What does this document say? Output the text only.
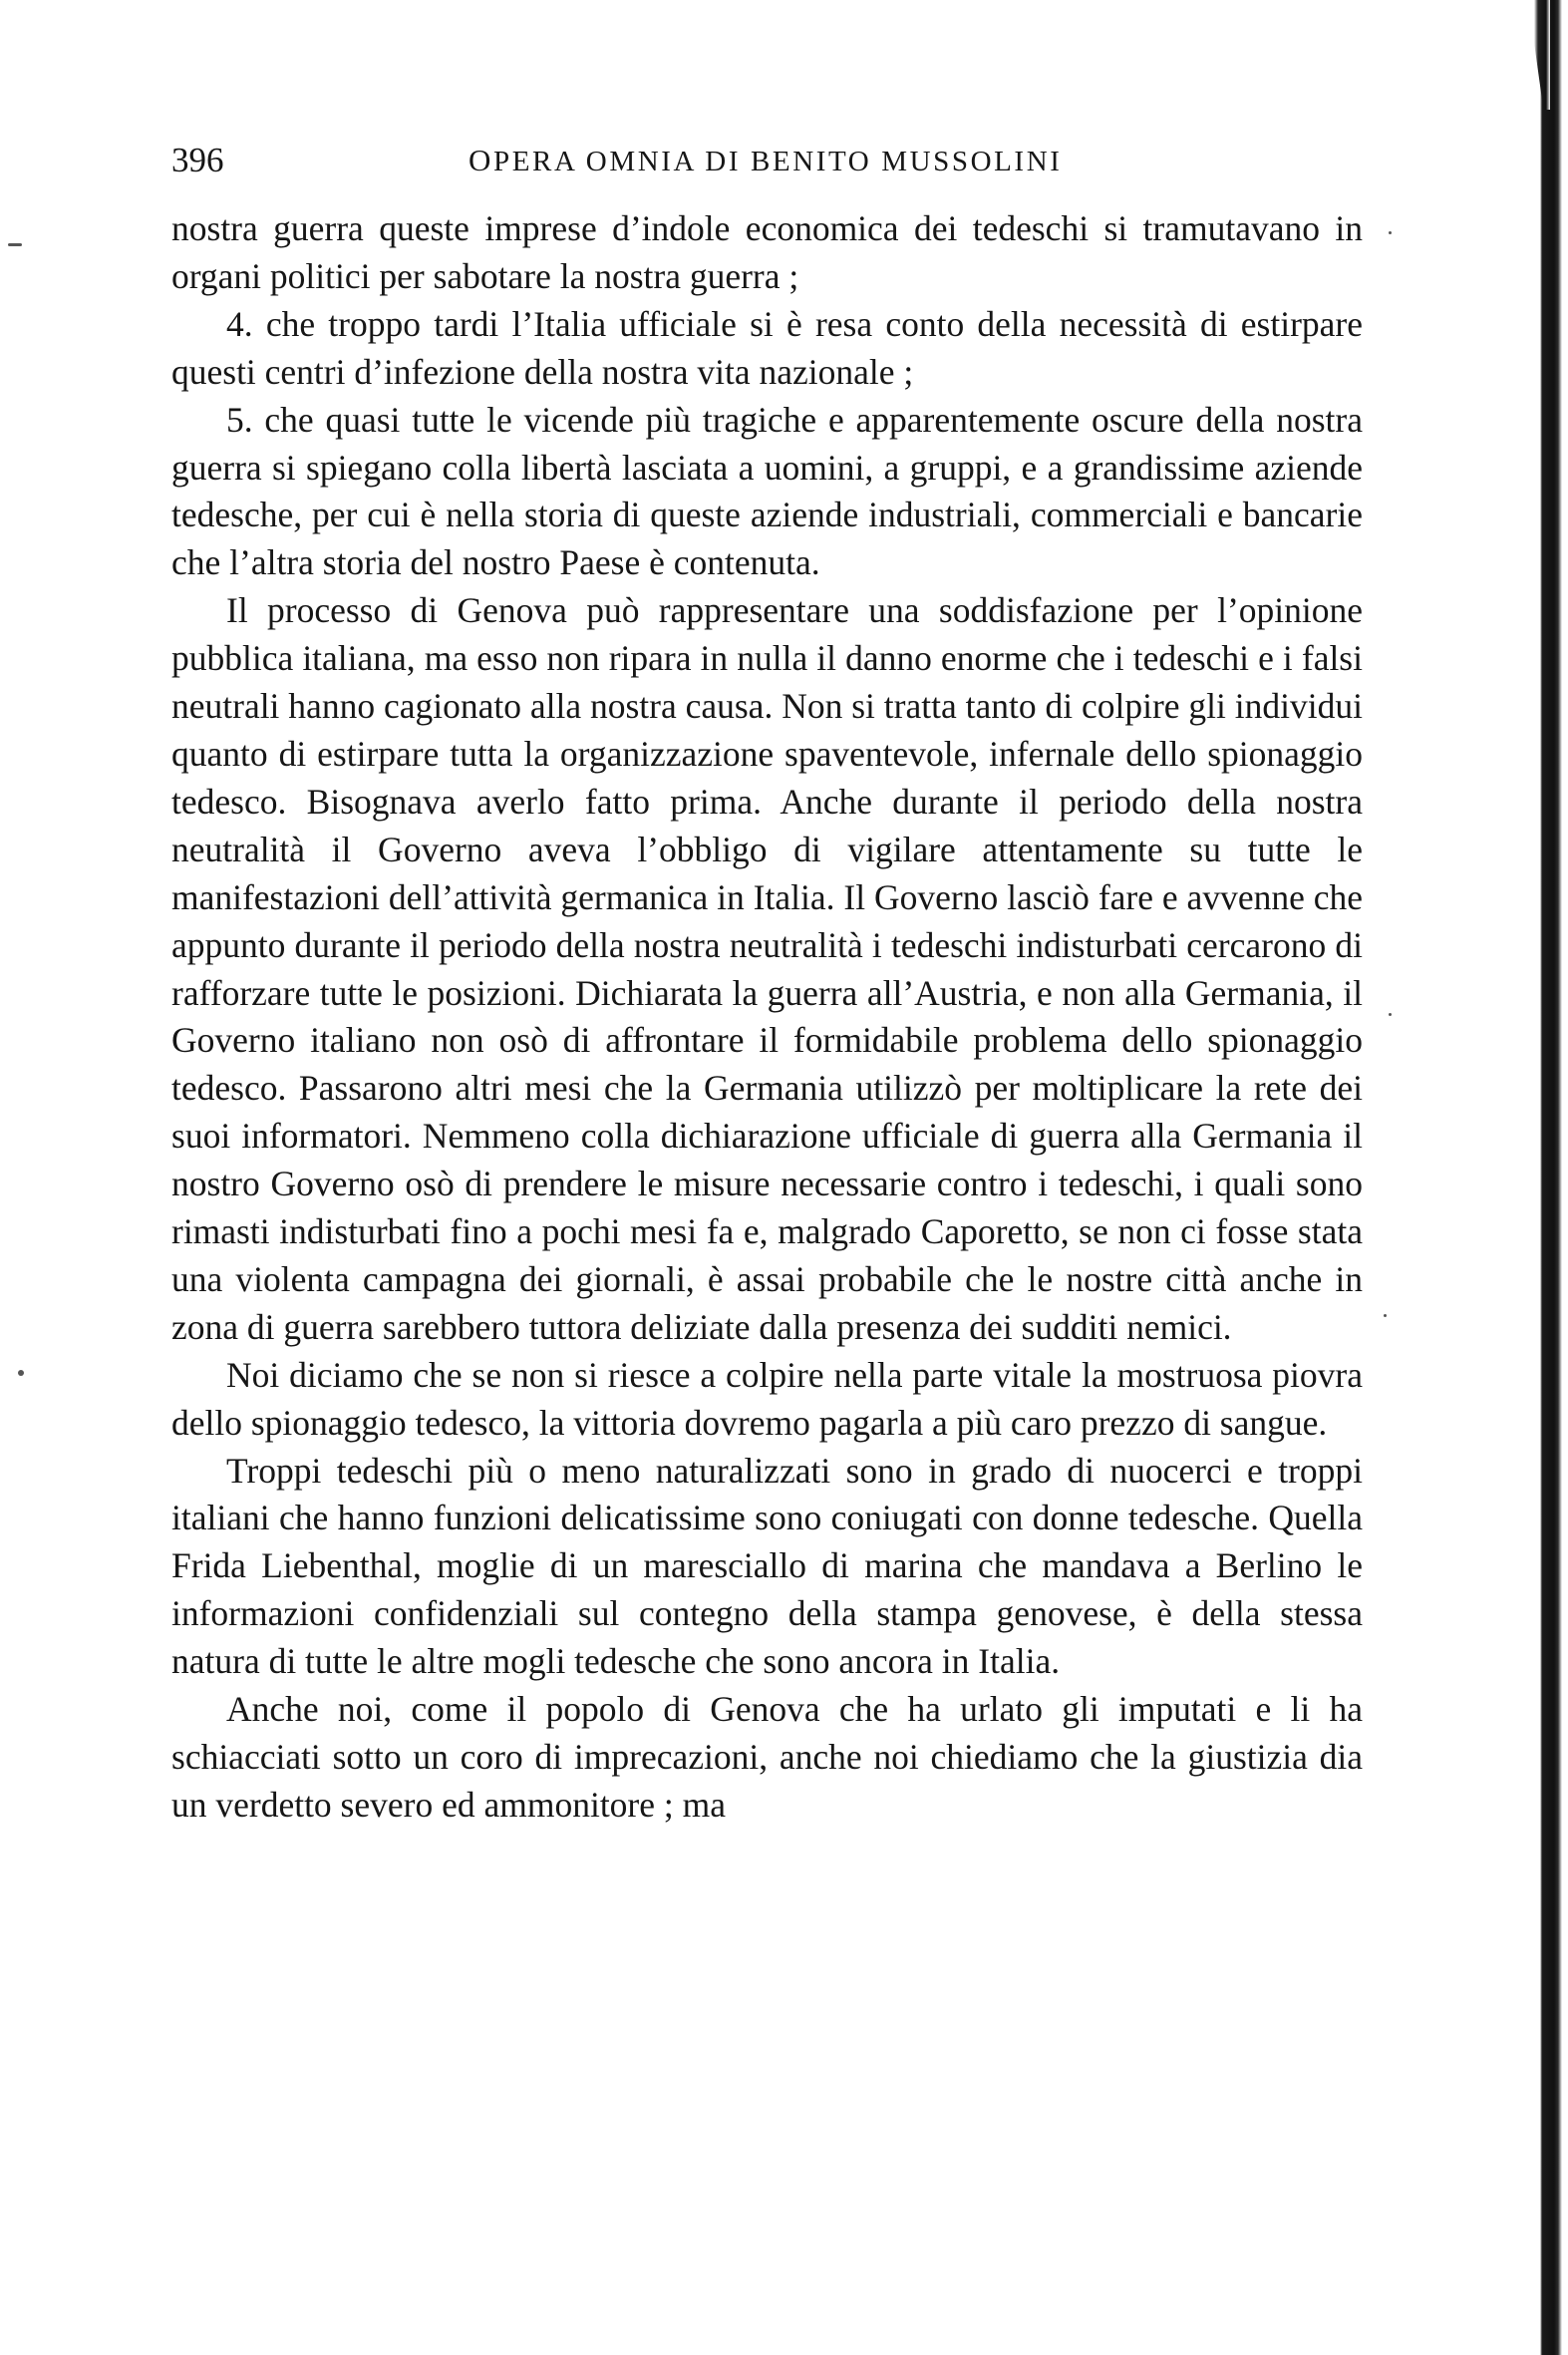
396	OPERA OMNIA DI BENITO MUSSOLINI

nostra guerra queste imprese d’indole economica dei tedeschi si tramutavano in organi politici per sabotare la nostra guerra ;

4. che troppo tardi l’Italia ufficiale si è resa conto della necessità di estirpare questi centri d’infezione della nostra vita nazionale ;

5. che quasi tutte le vicende più tragiche e apparentemente oscure della nostra guerra si spiegano colla libertà lasciata a uomini, a gruppi, e a grandissime aziende tedesche, per cui è nella storia di queste aziende industriali, commerciali e bancarie che l’altra storia del nostro Paese è contenuta.

Il processo di Genova può rappresentare una soddisfazione per l’opinione pubblica italiana, ma esso non ripara in nulla il danno enorme che i tedeschi e i falsi neutrali hanno cagionato alla nostra causa. Non si tratta tanto di colpire gli individui quanto di estirpare tutta la organizzazione spaventevole, infernale dello spionaggio tedesco. Bisognava averlo fatto prima. Anche durante il periodo della nostra neutralità il Governo aveva l’obbligo di vigilare attentamente su tutte le manifestazioni dell’attività germanica in Italia. Il Governo lasciò fare e avvenne che appunto durante il periodo della nostra neutralità i tedeschi indisturbati cercarono di rafforzare tutte le posizioni. Dichiarata la guerra all’Austria, e non alla Germania, il Governo italiano non osò di affrontare il formidabile problema dello spionaggio tedesco. Passarono altri mesi che la Germania utilizzò per moltiplicare la rete dei suoi informatori. Nemmeno colla dichiarazione ufficiale di guerra alla Germania il nostro Governo osò di prendere le misure necessarie contro i tedeschi, i quali sono rimasti indisturbati fino a pochi mesi fa e, malgrado Caporetto, se non ci fosse stata una violenta campagna dei giornali, è assai probabile che le nostre città anche in zona di guerra sarebbero tuttora deliziate dalla presenza dei sudditi nemici.

Noi diciamo che se non si riesce a colpire nella parte vitale la mostruosa piovra dello spionaggio tedesco, la vittoria dovremo pagarla a più caro prezzo di sangue.

Troppi tedeschi più o meno naturalizzati sono in grado di nuocerci e troppi italiani che hanno funzioni delicatissime sono coniugati con donne tedesche. Quella Frida Liebenthal, moglie di un maresciallo di marina che mandava a Berlino le informazioni confidenziali sul contegno della stampa genovese, è della stessa natura di tutte le altre mogli tedesche che sono ancora in Italia.

Anche noi, come il popolo di Genova che ha urlato gli imputati e li ha schiacciati sotto un coro di imprecazioni, anche noi chiediamo che la giustizia dia un verdetto severo ed ammonitore ; ma
